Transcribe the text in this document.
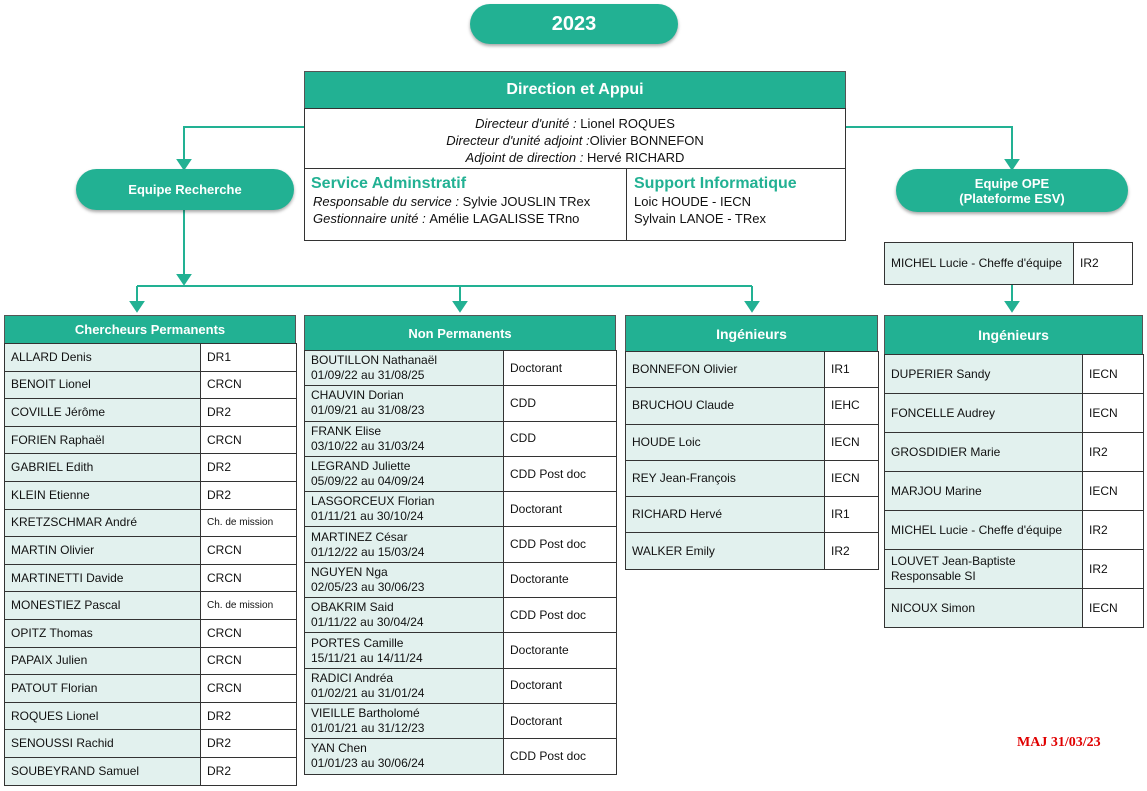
2023
Direction et Appui
Directeur d'unité : Lionel ROQUES
Directeur d'unité adjoint :Olivier BONNEFON
Adjoint de direction : Hervé RICHARD
Service Adminstratif
Responsable du service : Sylvie JOUSLIN TRex
Gestionnaire unité : Amélie LAGALISSE TRno
Support Informatique
Loic HOUDE - IECN
Sylvain LANOE - TRex
Equipe Recherche	Equipe OPE
(Plateforme ESV)
MICHEL Lucie - Cheffe d'équipe	IR2
Chercheurs Permanents
ALLARD Denis	DR1
BENOIT Lionel	CRCN
COVILLE Jérôme	DR2
FORIEN Raphaël	CRCN
GABRIEL Edith	DR2
KLEIN Etienne	DR2
KRETZSCHMAR André	Ch. de mission
MARTIN Olivier	CRCN
MARTINETTI Davide	CRCN
MONESTIEZ Pascal	Ch. de mission
OPITZ Thomas	CRCN
PAPAIX Julien	CRCN
PATOUT Florian	CRCN
ROQUES Lionel	DR2
SENOUSSI Rachid	DR2
SOUBEYRAND Samuel	DR2
Non Permanents
BOUTILLON Nathanaël
01/09/22 au 31/08/25	Doctorant

CHAUVIN Dorian
01/09/21 au 31/08/23	CDD

FRANK Elise
03/10/22 au 31/03/24	CDD

LEGRAND Juliette
05/09/22 au 04/09/24	CDD Post doc

LASGORCEUX Florian
01/11/21 au 30/10/24	Doctorant

MARTINEZ César
01/12/22 au 15/03/24	CDD Post doc

NGUYEN Nga
02/05/23 au 30/06/23	Doctorante

OBAKRIM Said
01/11/22 au 30/04/24	CDD Post doc

PORTES Camille
15/11/21 au 14/11/24	Doctorante

RADICI Andréa
01/02/21 au 31/01/24	Doctorant

VIEILLE Bartholomé
01/01/21 au 31/12/23	Doctorant

YAN Chen
01/01/23 au 30/06/24	CDD Post doc
Ingénieurs
BONNEFON Olivier	IR1
BRUCHOU Claude	IEHC
HOUDE Loic	IECN
REY Jean-François	IECN
RICHARD Hervé	IR1
WALKER Emily	IR2
Ingénieurs
DUPERIER Sandy	IECN
FONCELLE Audrey	IECN
GROSDIDIER Marie	IR2
MARJOU Marine	IECN
MICHEL Lucie - Cheffe d'équipe	IR2
LOUVET Jean-Baptiste Responsable SI	IR2
NICOUX Simon	IECN
MAJ 31/03/23
